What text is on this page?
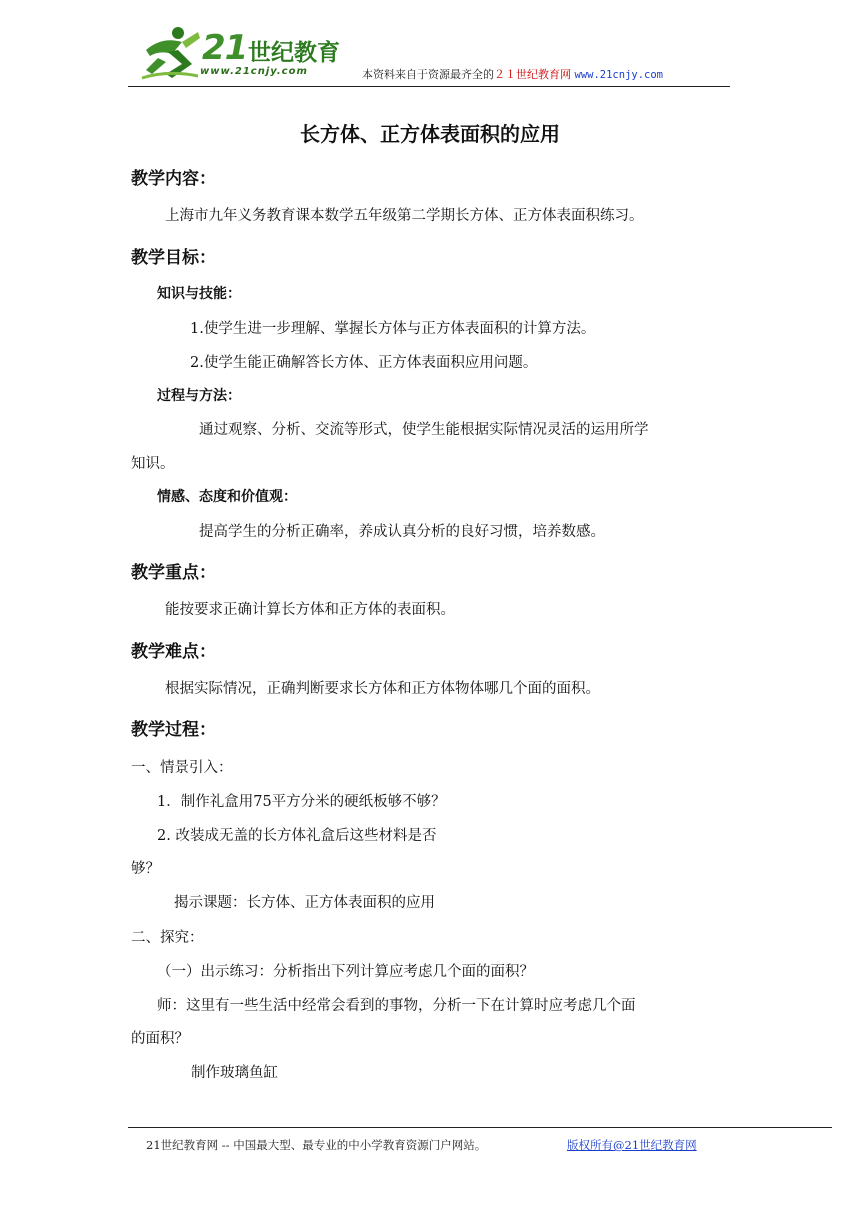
21 世纪教育
www.21cnjy.com	本资料来自于资源最齐全的２１世纪教育网 www.21cnjy.com
长方体、正方体表面积的应用
教学内容：
上海市九年义务教育课本数学五年级第二学期长方体、正方体表面积练习。
教学目标：
知识与技能：
1.使学生进一步理解、掌握长方体与正方体表面积的计算方法。
2.使学生能正确解答长方体、正方体表面积应用问题。
过程与方法：
通过观察、分析、交流等形式，使学生能根据实际情况灵活的运用所学
知识。
情感、态度和价值观：
提高学生的分析正确率，养成认真分析的良好习惯，培养数感。
教学重点：
能按要求正确计算长方体和正方体的表面积。
教学难点：
根据实际情况，正确判断要求长方体和正方体物体哪几个面的面积。
教学过程：
一、情景引入：
1．制作礼盒用75平方分米的硬纸板够不够？
2. 改装成无盖的长方体礼盒后这些材料是否
够？
揭示课题：长方体、正方体表面积的应用
二、探究：
（一）出示练习：分析指出下列计算应考虑几个面的面积？
师：这里有一些生活中经常会看到的事物，分析一下在计算时应考虑几个面
的面积？
制作玻璃鱼缸
21世纪教育网 -- 中国最大型、最专业的中小学教育资源门户网站。	版权所有@21世纪教育网
